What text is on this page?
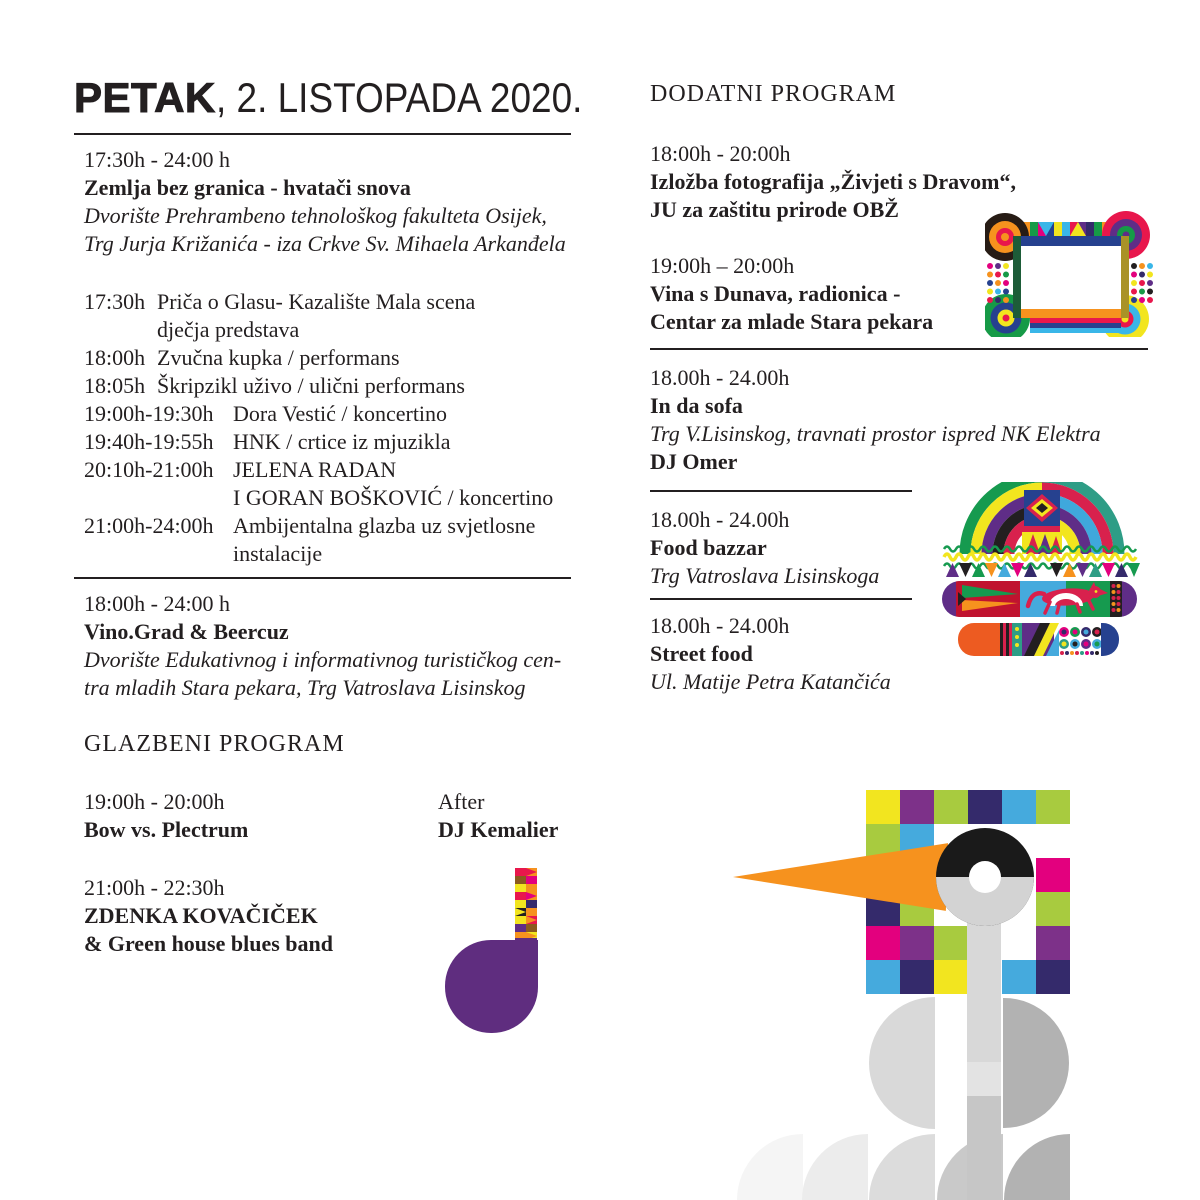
PETAK, 2. LISTOPADA 2020.
17:30h - 24:00 h
Zemlja bez granica - hvatači snova
Dvorište Prehrambeno tehnološkog fakulteta Osijek,
Trg Jurja Križanića - iza Crkve Sv. Mihaela Arkanđela
17:30h Priča o Glasu- Kazalište Mala scena
dječja predstava
18:00h Zvučna kupka / performans
18:05h Škripzikl uživo / ulični performans
19:00h-19:30h Dora Vestić / koncertino
19:40h-19:55h HNK / crtice iz mjuzikla
20:10h-21:00h JELENA RADAN
I GORAN BOŠKOVIĆ / koncertino
21:00h-24:00h Ambijentalna glazba uz svjetlosne
instalacije
18:00h - 24:00 h
Vino.Grad & Beercuz
Dvorište Edukativnog i informativnog turističkog cen-
tra mladih Stara pekara, Trg Vatroslava Lisinskog
GLAZBENI PROGRAM
19:00h - 20:00h
Bow vs. Plectrum
After
DJ Kemalier
21:00h - 22:30h
ZDENKA KOVAČIČEK
& Green house blues band
DODATNI PROGRAM
18:00h - 20:00h
Izložba fotografija „Živjeti s Dravom“,
JU za zaštitu prirode OBŽ
19:00h – 20:00h
Vina s Dunava, radionica -
Centar za mlade Stara pekara
18.00h - 24.00h
In da sofa
Trg V.Lisinskog, travnati prostor ispred NK Elektra
DJ Omer
18.00h - 24.00h
Food bazzar
Trg Vatroslava Lisinskoga
18.00h - 24.00h
Street food
Ul. Matije Petra Katančića
